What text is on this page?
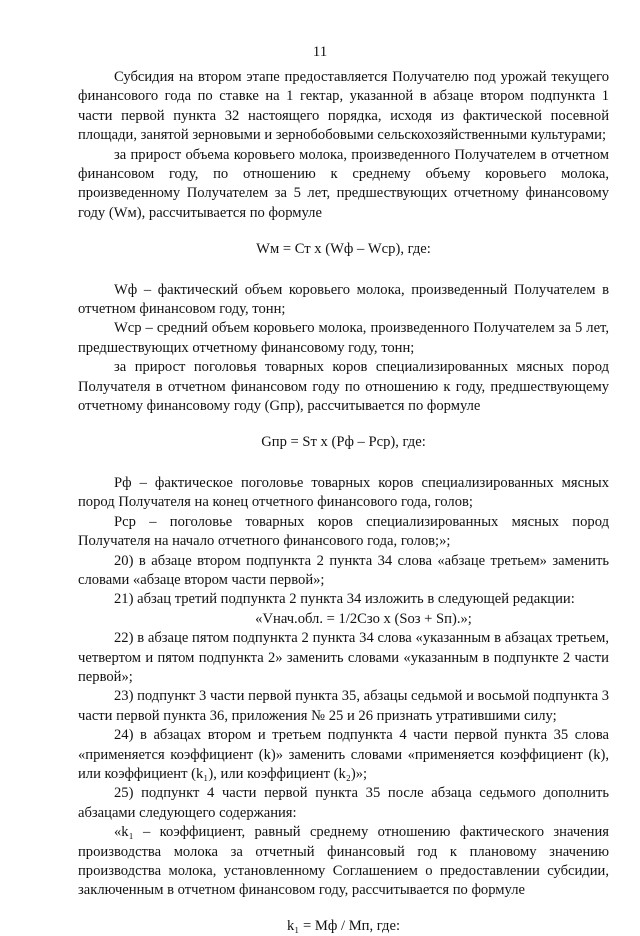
11

Субсидия на втором этапе предоставляется Получателю под урожай текущего финансового года по ставке на 1 гектар, указанной в абзаце втором подпункта 1 части первой пункта 32 настоящего порядка, исходя из фактической посевной площади, занятой зерновыми и зернобобовыми сельскохозяйственными культурами;

за прирост объема коровьего молока, произведенного Получателем в отчетном финансовом году, по отношению к среднему объему коровьего молока, произведенному Получателем за 5 лет, предшествующих отчетному финансовому году (Wм), рассчитывается по формуле

Wм = Ст х (Wф – Wср), где:

Wф – фактический объем коровьего молока, произведенный Получателем в отчетном финансовом году, тонн;

Wср – средний объем коровьего молока, произведенного Получателем за 5 лет, предшествующих отчетному финансовому году, тонн;

за прирост поголовья товарных коров специализированных мясных пород Получателя в отчетном финансовом году по отношению к году, предшествующему отчетному финансовому году (Gпр), рассчитывается по формуле

Gпр = Sт х (Рф – Рср), где:

Рф – фактическое поголовье товарных коров специализированных мясных пород Получателя на конец отчетного финансового года, голов;

Рср – поголовье товарных коров специализированных мясных пород Получателя на начало отчетного финансового года, голов;»;

20) в абзаце втором подпункта 2 пункта 34 слова «абзаце третьем» заменить словами «абзаце втором части первой»;

21) абзац третий подпункта 2 пункта 34 изложить в следующей редакции:

«Vнач.обл. = 1/2Сзо х (Sоз + Sп).»;

22) в абзаце пятом подпункта 2 пункта 34 слова «указанным в абзацах третьем, четвертом и пятом подпункта 2» заменить словами «указанным в подпункте 2 части первой»;

23) подпункт 3 части первой пункта 35, абзацы седьмой и восьмой подпункта 3 части первой пункта 36, приложения № 25 и 26 признать утратившими силу;

24) в абзацах втором и третьем подпункта 4 части первой пункта 35 слова «применяется коэффициент (k)» заменить словами «применяется коэффициент (k), или коэффициент (k₁), или коэффициент (k₂)»;

25) подпункт 4 части первой пункта 35 после абзаца седьмого дополнить абзацами следующего содержания:

«k₁ – коэффициент, равный среднему отношению фактического значения производства молока за отчетный финансовый год к плановому значению производства молока, установленному Соглашением о предоставлении субсидии, заключенным в отчетном финансовом году, рассчитывается по формуле

k₁ = Мф / Мп, где:
